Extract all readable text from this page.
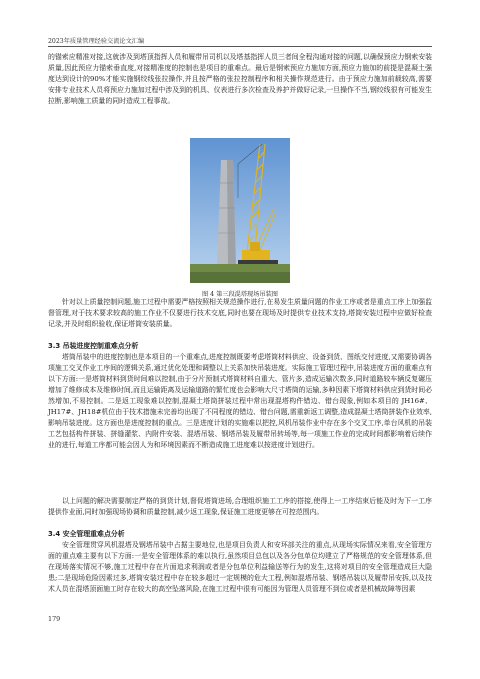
2023年质量管理经验交流论文汇编

的锚索应精准对接,这就涉及到塔顶指挥人员和履带吊司机以及塔基指挥人员三者间全程沟通对接的问题,以确保预应力钢索安装质量,因此预应力锚索垂直度,对接精准度的控制也是项目的重难点。最后是钢索预应力施加方面,预应力施加的前提是混凝土强度达到设计的90%才能实施钢绞线张拉操作,并且按严格的张拉控制程序和相关操作规范进行。由于预应力施加前载较高,需要安排专业技术人员将预应力施加过程中涉及到的机具、仪表进行多次检查及养护并做好记录,一旦操作不当,钢绞线很有可能发生拉断,影响施工质量的同时造成工程事故。

图 4 第三段混塔现场吊装图

针对以上质量控制问题,施工过程中需要严格按照相关规范操作进行,在易发生质量问题的作业工序或者是重点工序上加强监督管理,对于技术要求较高的施工作业不仅要进行技术交底,同时也要在现场及时提供专业技术支持,塔筒安装过程中应做好检查记录,并及时组织验收,保证塔筒安装质量。

3.3 吊装进度控制重难点分析

塔筒吊装中的进度控制也是本项目的一个重难点,进度控制既要考虑塔筒材料供应、设备到货、图纸交付进度,又需要协调各项施工交叉作业工序间的逻辑关系,通过优化处理和调整以上关系加快吊装进度。实际施工管理过程中,吊装进度方面的重难点有以下方面:一是塔筒材料到货时间难以控制,由于分片预制式塔筒材料自重大、管片多,造成运输次数多,同时道路较车辆反复碾压增加了维修成本及维修时间,而且运输距离及运输道路的繁忙度也会影响大尺寸塔筒的运输,多种因素下塔筒材料供应到货时间必然增加,不易控制。二是返工现象难以控制,混凝土塔筒拼装过程中常出现混塔构件错边、错台现象,例如本项目的 JH16#、JH17#、JH18#机位由于技术措施未完善均出现了不同程度的错边、错台问题,需重新返工调整,造成混凝土塔筒拼装作业效率,影响吊装进度。这方面也是进度控制的重点。三是进度计划的实施难以把控,风机吊装作业中存在多个交叉工序,单台风机的吊装工艺包括构件拼装、拼缝灌浆、内附件安装、混塔吊装、钢塔吊装及履带吊转场等,每一项施工作业的完成时间都影响着后续作业的进行,每道工序都可能会因人为和环境因素而不断造成施工进度难以按进度计划进行。

以上问题的解决需要制定严格的到货计划,督促塔筒进场,合理组织施工工序的搭接,使得上一工序结束后能及时为下一工序提供作业面,同时加强现场协调和质量控制,减少返工现象,保证施工进度更够在可控范围内。

3.4 安全管理重难点分析

安全管理贯穿风机混塔及钢塔吊装中占据主要地位,也是项目负责人和安环部关注的重点,从现场实际情况来看,安全管理方面的重点难主要有以下方面:一是安全管理体系的难以执行,虽然项目总包以及各分包单位均建立了严格规范的安全管理体系,但在现场落实情况不够,施工过程中存在片面追求利润或者是分包单位利益输送等行为的发生,这将对项目的安全管理造成巨大隐患;二是现场危险因素过多,塔筒安装过程中存在较多超过一定规模的危大工程,例如混塔吊装、钢塔吊装以及履带吊安拆,以及技术人员在混塔顶面施工时存在较大的高空坠落风险,在施工过程中很有可能因为管理人员管理不到位或者是机械故障等因素

179
